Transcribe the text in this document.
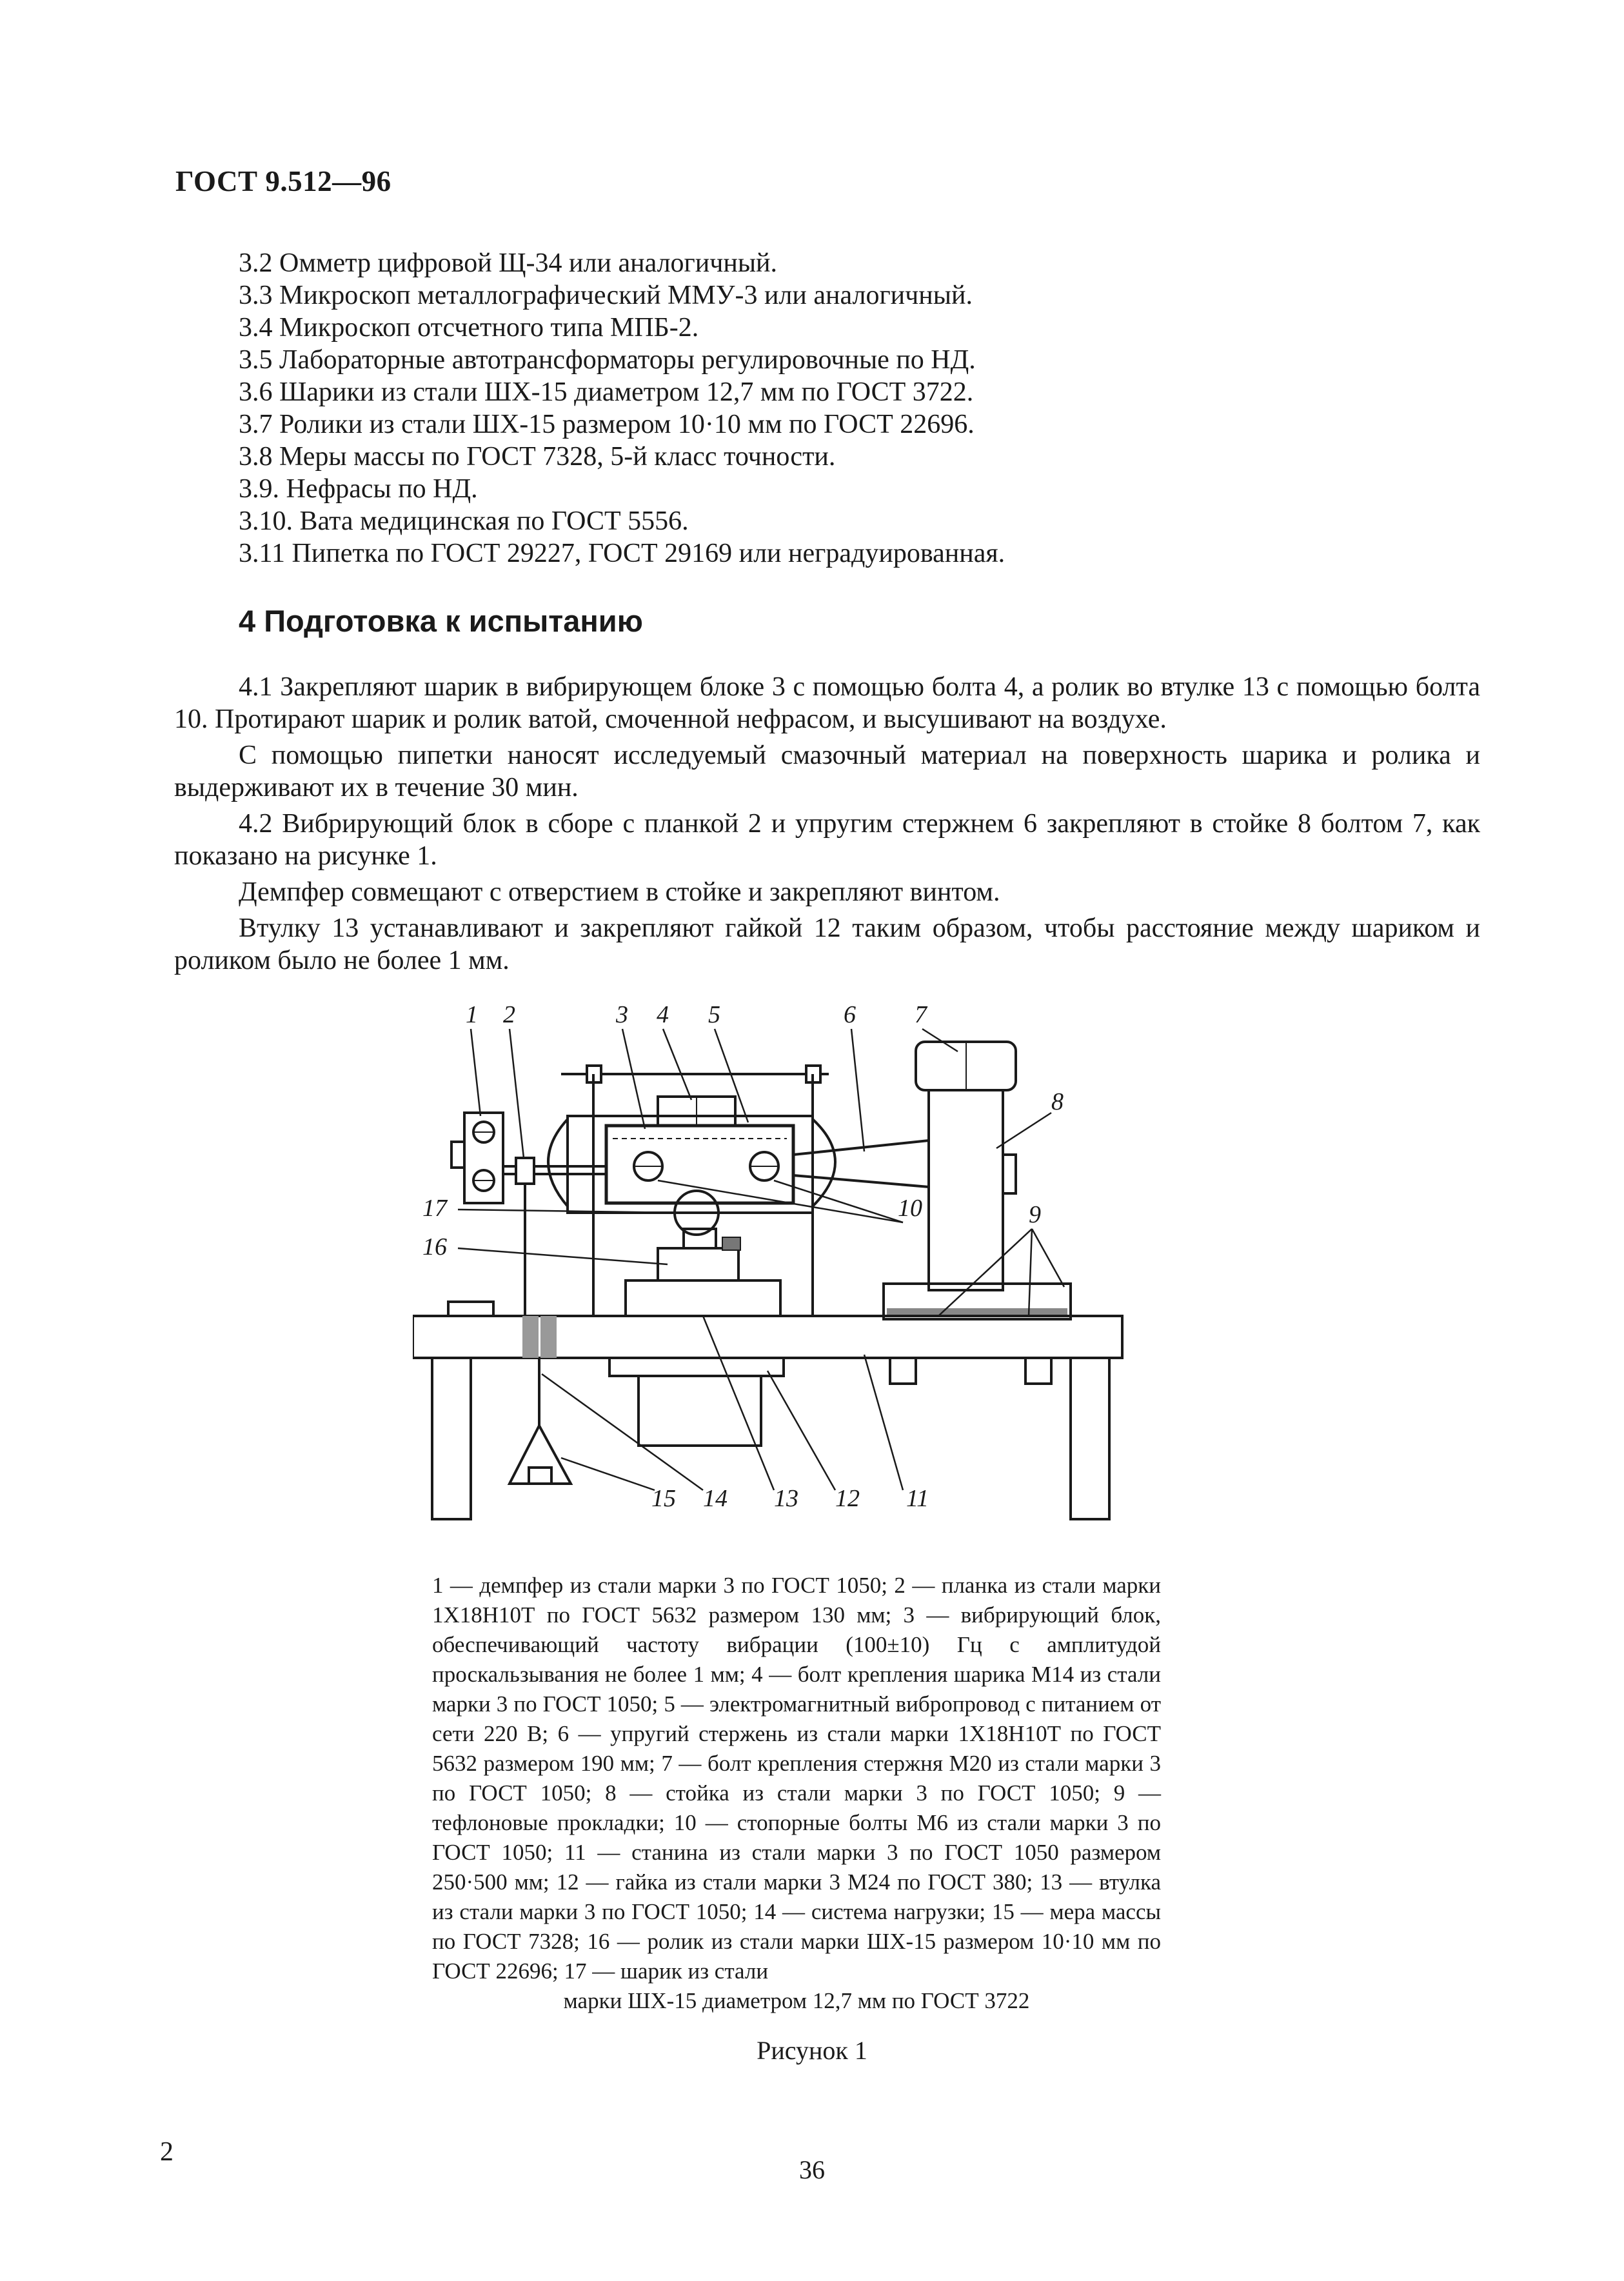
ГОСТ 9.512—96
3.2 Омметр цифровой Щ-34 или аналогичный.
3.3 Микроскоп металлографический ММУ-3 или аналогичный.
3.4 Микроскоп отсчетного типа МПБ-2.
3.5 Лабораторные автотрансформаторы регулировочные по НД.
3.6 Шарики из стали ШХ-15 диаметром 12,7 мм по ГОСТ 3722.
3.7 Ролики из стали ШХ-15 размером 10·10 мм по ГОСТ 22696.
3.8 Меры массы по ГОСТ 7328, 5-й класс точности.
3.9. Нефрасы по НД.
3.10. Вата медицинская по ГОСТ 5556.
3.11 Пипетка по ГОСТ 29227, ГОСТ 29169 или неградуированная.
4 Подготовка к испытанию

4.1 Закрепляют шарик в вибрирующем блоке 3 с помощью болта 4, а ролик во втулке 13 с помощью болта 10. Протирают шарик и ролик ватой, смоченной нефрасом, и высушивают на воздухе.

С помощью пипетки наносят исследуемый смазочный материал на поверхность шарика и ролика и выдерживают их в течение 30 мин.

4.2 Вибрирующий блок в сборе с планкой 2 и упругим стержнем 6 закрепляют в стойке 8 болтом 7, как показано на рисунке 1.

Демпфер совмещают с отверстием в стойке и закрепляют винтом.

Втулку 13 устанавливают и закрепляют гайкой 12 таким образом, чтобы расстояние между шариком и роликом было не более 1 мм.

1 2	3 4 5	6 7
8
9
10
11
12
13
14
15
16
17
1 — демпфер из стали марки 3 по ГОСТ 1050; 2 — планка из стали марки 1Х18Н10Т по ГОСТ 5632 размером 130 мм; 3 — вибрирующий блок, обеспечивающий частоту вибрации (100±10) Гц с амплитудой проскальзывания не более 1 мм; 4 — болт крепления шарика М14 из стали марки 3 по ГОСТ 1050; 5 — электромагнитный вибропровод с питанием от сети 220 В; 6 — упругий стержень из стали марки 1Х18Н10Т по ГОСТ 5632 размером 190 мм; 7 — болт крепления стержня М20 из стали марки 3 по ГОСТ 1050; 8 — стойка из стали марки 3 по ГОСТ 1050; 9 — тефлоновые прокладки; 10 — стопорные болты М6 из стали марки 3 по ГОСТ 1050; 11 — станина из стали марки 3 по ГОСТ 1050 размером 250·500 мм; 12 — гайка из стали марки 3 М24 по ГОСТ 380; 13 — втулка из стали марки 3 по ГОСТ 1050; 14 — система нагрузки; 15 — мера массы по ГОСТ 7328; 16 — ролик из стали марки ШХ-15 размером 10·10 мм по ГОСТ 22696; 17 — шарик из стали
марки ШХ-15 диаметром 12,7 мм по ГОСТ 3722
Рисунок 1
2
36
